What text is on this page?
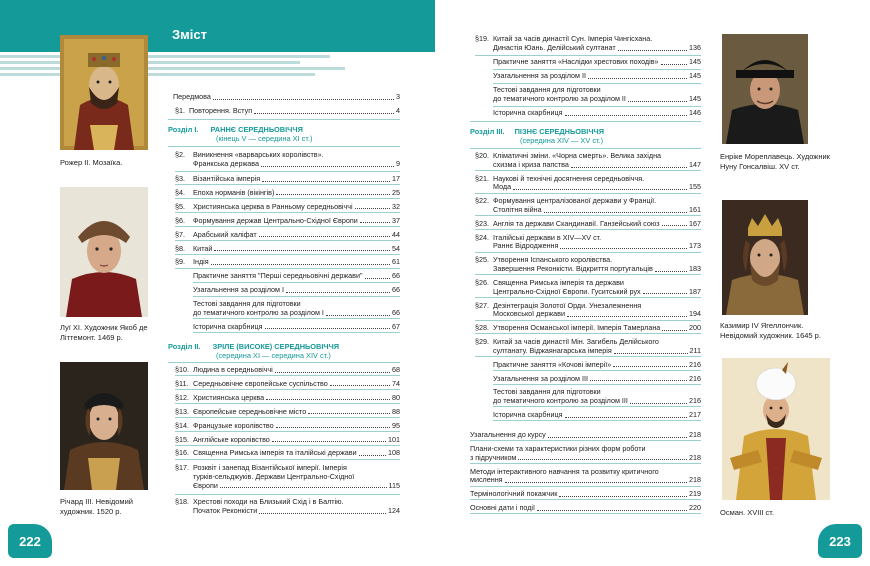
Зміст
222	223
Рожер ІІ. Мозаїка.
Луї ХІ. Художник Якоб де Літтемонт. 1469 р.
Річард ІІІ. Невідомий художник. 1520 р.
Енріке Мореплавець. Художник Нуну Гонсалвіш. XV ст.
Казимир IV Ягеллончик. Невідомий художник. 1645 р.
Осман. XVIII ст.
Передмова	3
§1. Повторення. Вступ	4
Розділ І. РАННЄ СЕРЕДНЬОВІЧЧЯ
(кінець V — середина XI ст.)
§2. Виникнення «варварських королівств».
Франкська держава	9
§3.	Візантійська імперія	17
§4.	Епоха норманів (вікінгів)	25
§5.	Християнська церква в Ранньому середньовіччі	32
§6.	Формування держав Центрально-Східної Європи	37
§7.	Арабський халіфат	44
§8.	Китай	54
§9.	Індія	61
Практичне заняття "Перші середньовічні держави"	66
Узагальнення за розділом І	66
Тестові завдання для підготовки
до тематичного контролю за розділом І	66
Історична скарбниця	67
Розділ ІІ. ЗРІЛЕ (ВИСОКЕ) СЕРЕДНЬОВІЧЧЯ
(середина XI — середина XIV ст.)
§10. Людина в середньовіччі	68
§11. Середньовічне європейське суспільство	74
§12. Християнська церква	80
§13. Європейське середньовічне місто	88
§14. Французьке королівство	95
§15. Англійське королівство	101
§16. Священна Римська імперія та італійські держави	108
§17. Розквіт і занепад Візантійської імперії. Імперія
турків-сельджуків. Держави Центрально-Східної
Європи	115
§18. Хрестові походи на Близький Схід і в Балтію.
Початок Реконкісти	124
§19. Китай за часів династії Сун. Імперія Чингісхана.
Династія Юань. Делійський султанат	136
Практичне заняття «Наслідки хрестових походів»	145
Узагальнення за розділом ІІ	145
Тестові завдання для підготовки
до тематичного контролю за розділом ІІ	145
Історична скарбниця	146
Розділ ІІІ. ПІЗНЄ СЕРЕДНЬОВІЧЧЯ
(середина XIV — XV ст.)
§20. Кліматичні зміни. «Чорна смерть». Велика західна
схизма і криза папства	147
§21. Наукові й технічні досягнення середньовіччя.
Мода	155
§22. Формування централізованої держави у Франції.
Столітня війна	161
§23. Англія та держави Скандинавії. Ганзейський союз	167
§24. Італійські держави в XIV—XV ст.
Раннє Відродження	173
§25. Утворення Іспанського королівства.
Завершення Реконкісти. Відкриття португальців	183
§26. Священна Римська імперія та держави
Центрально-Східної Європи. Гуситський рух	187
§27. Дезінтеграція Золотої Орди. Унезалежнення
Московської держави	194
§28. Утворення Османської імперії. Імперія Тамерлана	200
§29. Китай за часів династії Мін. Загибель Делійського
султанату. Віджаянагарська імперія	211
Практичне заняття «Кочові імперії»	216
Узагальнення за розділом ІІІ	216
Тестові завдання для підготовки
до тематичного контролю за розділом ІІІ	216
Історична скарбниця	217
Узагальнення до курсу	218
Плани-схеми та характеристики різних форм роботи
з підручником	218
Методи інтерактивного навчання та розвитку критичного
мислення	218
Термінологічний покажчик	219
Основні дати і події	220
